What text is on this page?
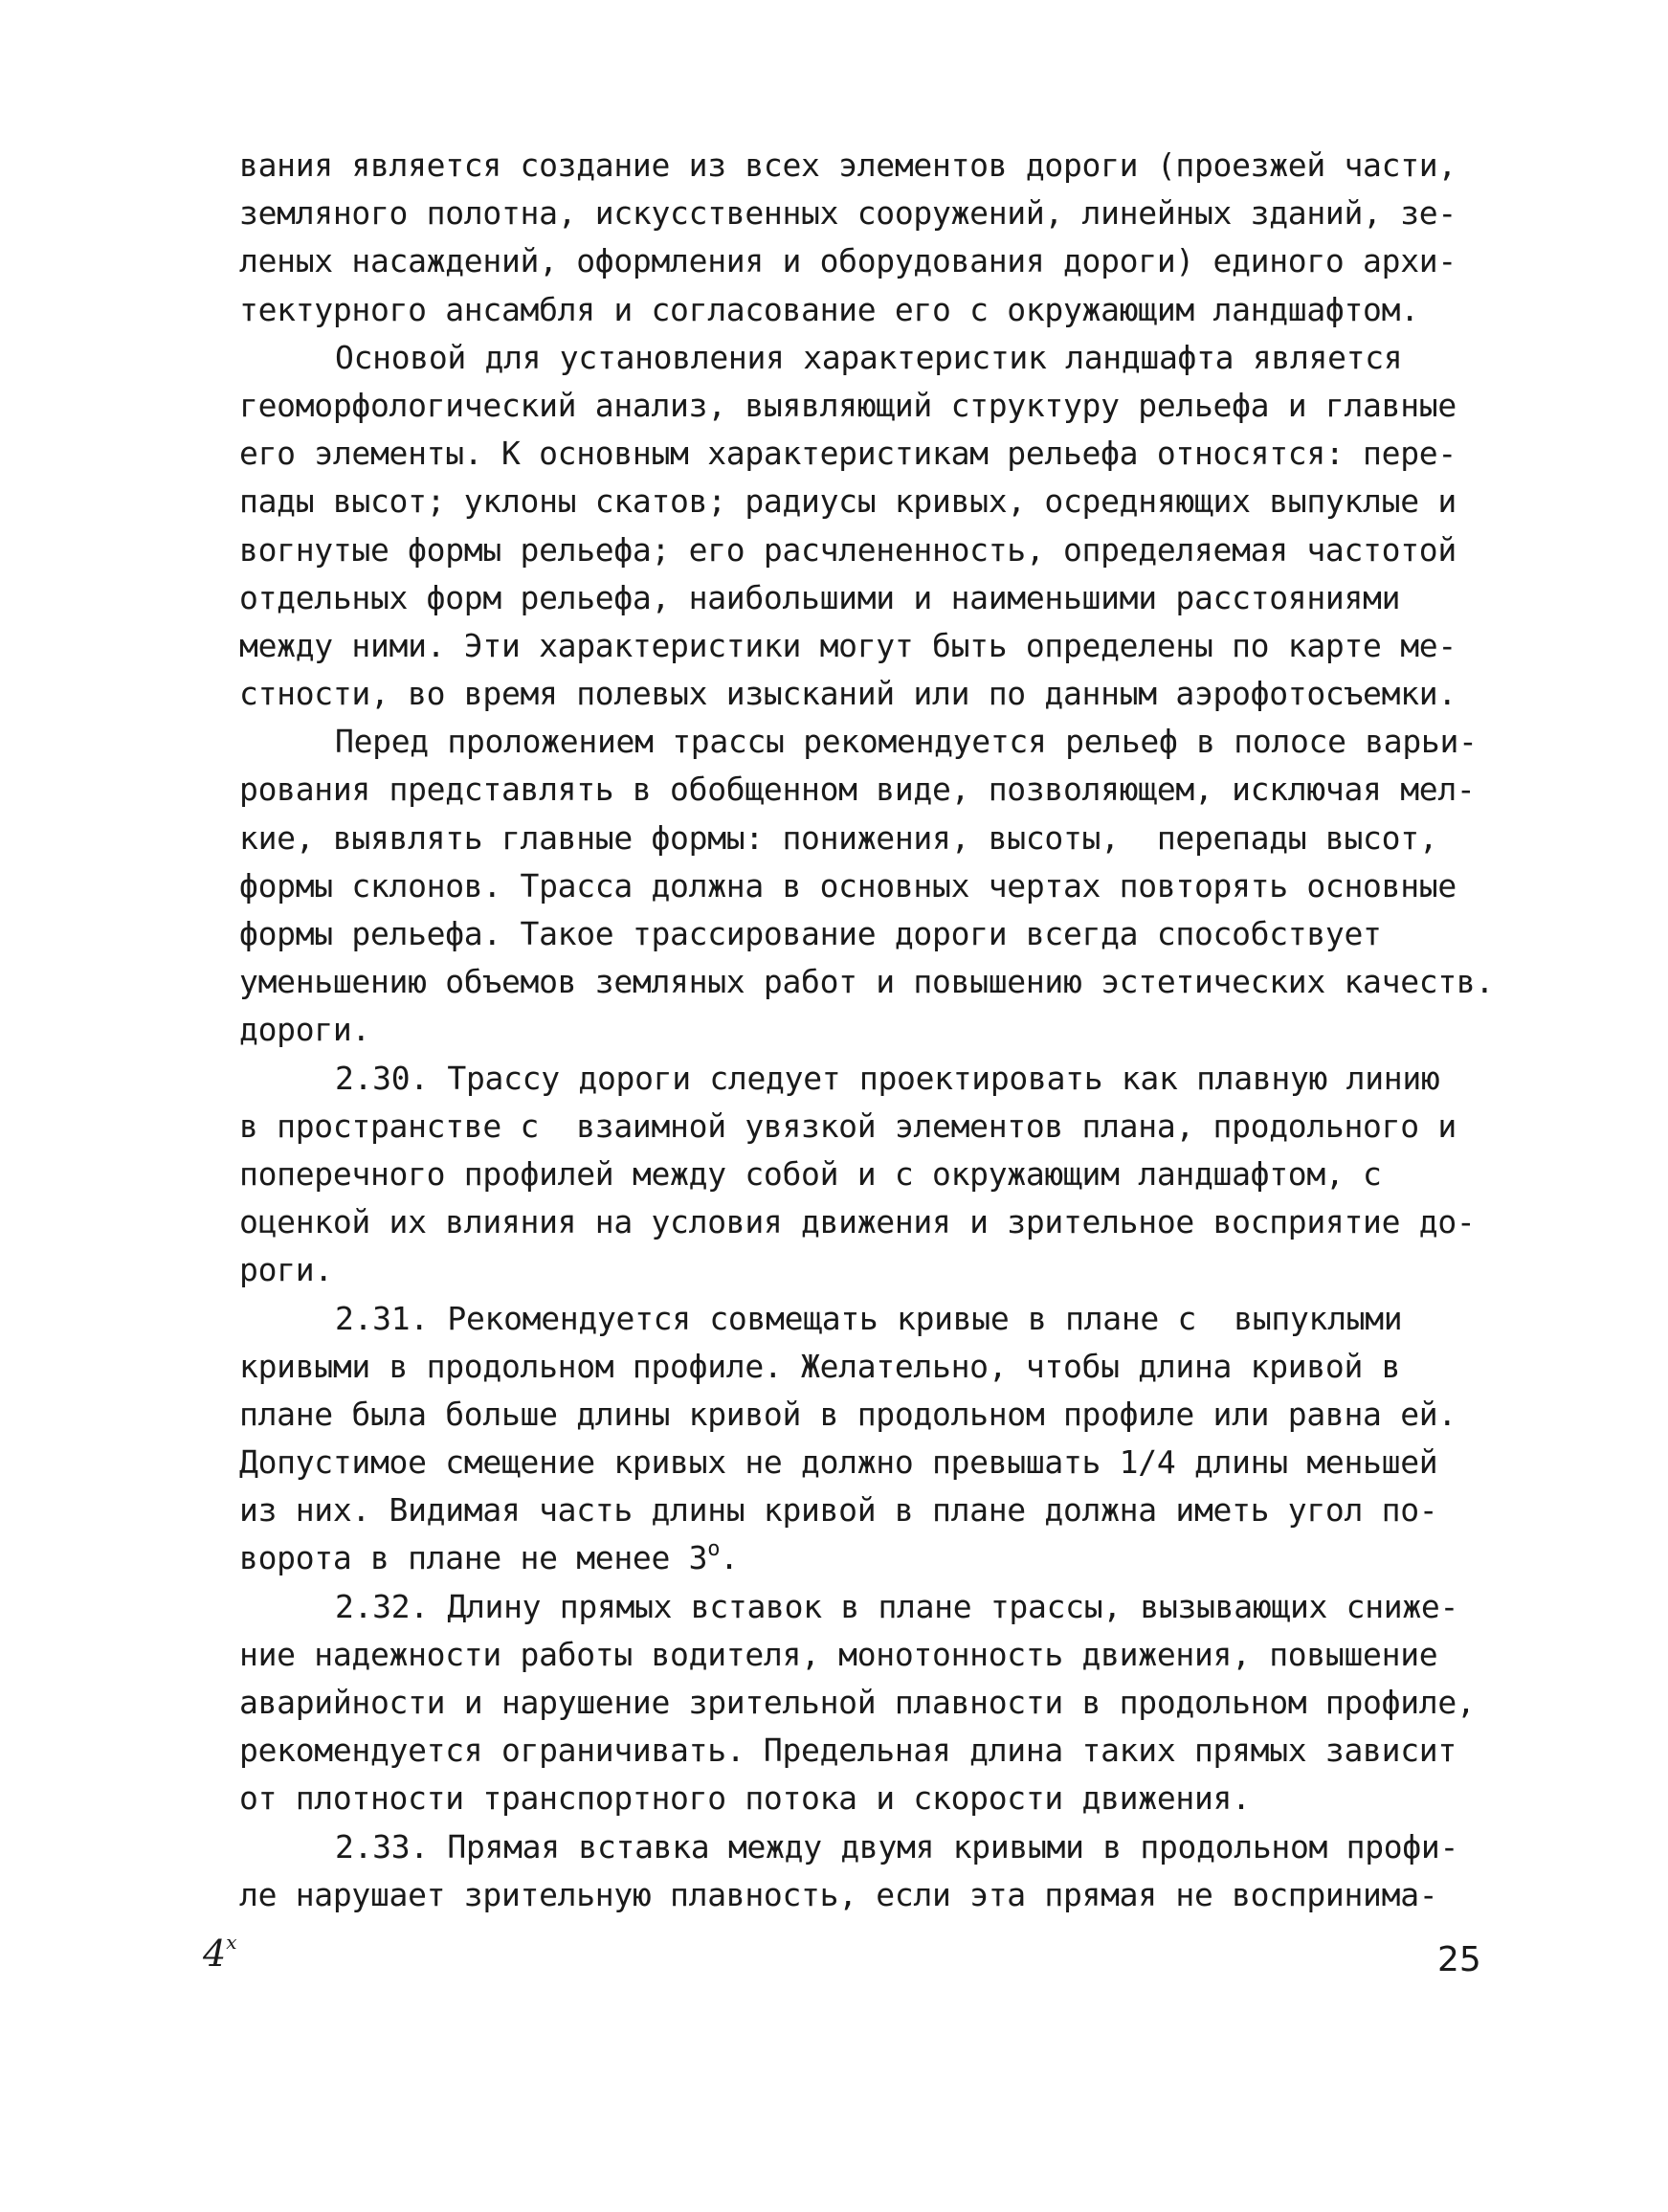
вания является создание из всех элементов дороги (проезжей части,
земляного полотна, искусственных сооружений, линейных зданий, зе-
леных насаждений, оформления и оборудования дороги) единого архи-
тектурного ансамбля и согласование его с окружающим ландшафтом.
Основой для установления характеристик ландшафта является
геоморфологический анализ, выявляющий структуру рельефа и главные
его элементы. К основным характеристикам рельефа относятся: пере-
пады высот; уклоны скатов; радиусы кривых, осредняющих выпуклые и
вогнутые формы рельефа; его расчлененность, определяемая частотой
отдельных форм рельефа, наибольшими и наименьшими расстояниями
между ними. Эти характеристики могут быть определены по карте ме-
стности, во время полевых изысканий или по данным аэрофотосъемки.
Перед проложением трассы рекомендуется рельеф в полосе варьи-
рования представлять в обобщенном виде, позволяющем, исключая мел-
кие, выявлять главные формы: понижения, высоты,  перепады высот,
формы склонов. Трасса должна в основных чертах повторять основные
формы рельефа. Такое трассирование дороги всегда способствует
уменьшению объемов земляных работ и повышению эстетических качеств.
дороги.
2.30. Трассу дороги следует проектировать как плавную линию
в пространстве с  взаимной увязкой элементов плана, продольного и
поперечного профилей между собой и с окружающим ландшафтом, с
оценкой их влияния на условия движения и зрительное восприятие до-
роги.
2.31. Рекомендуется совмещать кривые в плане с  выпуклыми
кривыми в продольном профиле. Желательно, чтобы длина кривой в
плане была больше длины кривой в продольном профиле или равна ей.
Допустимое смещение кривых не должно превышать 1/4 длины меньшей
из них. Видимая часть длины кривой в плане должна иметь угол по-
ворота в плане не менее 3$^o$.
2.32. Длину прямых вставок в плане трассы, вызывающих сниже-
ние надежности работы водителя, монотонность движения, повышение
аварийности и нарушение зрительной плавности в продольном профиле,
рекомендуется ограничивать. Предельная длина таких прямых зависит
от плотности транспортного потока и скорости движения.
2.33. Прямая вставка между двумя кривыми в продольном профи-
ле нарушает зрительную плавность, если эта прямая не воспринима-
4$^x$	25
